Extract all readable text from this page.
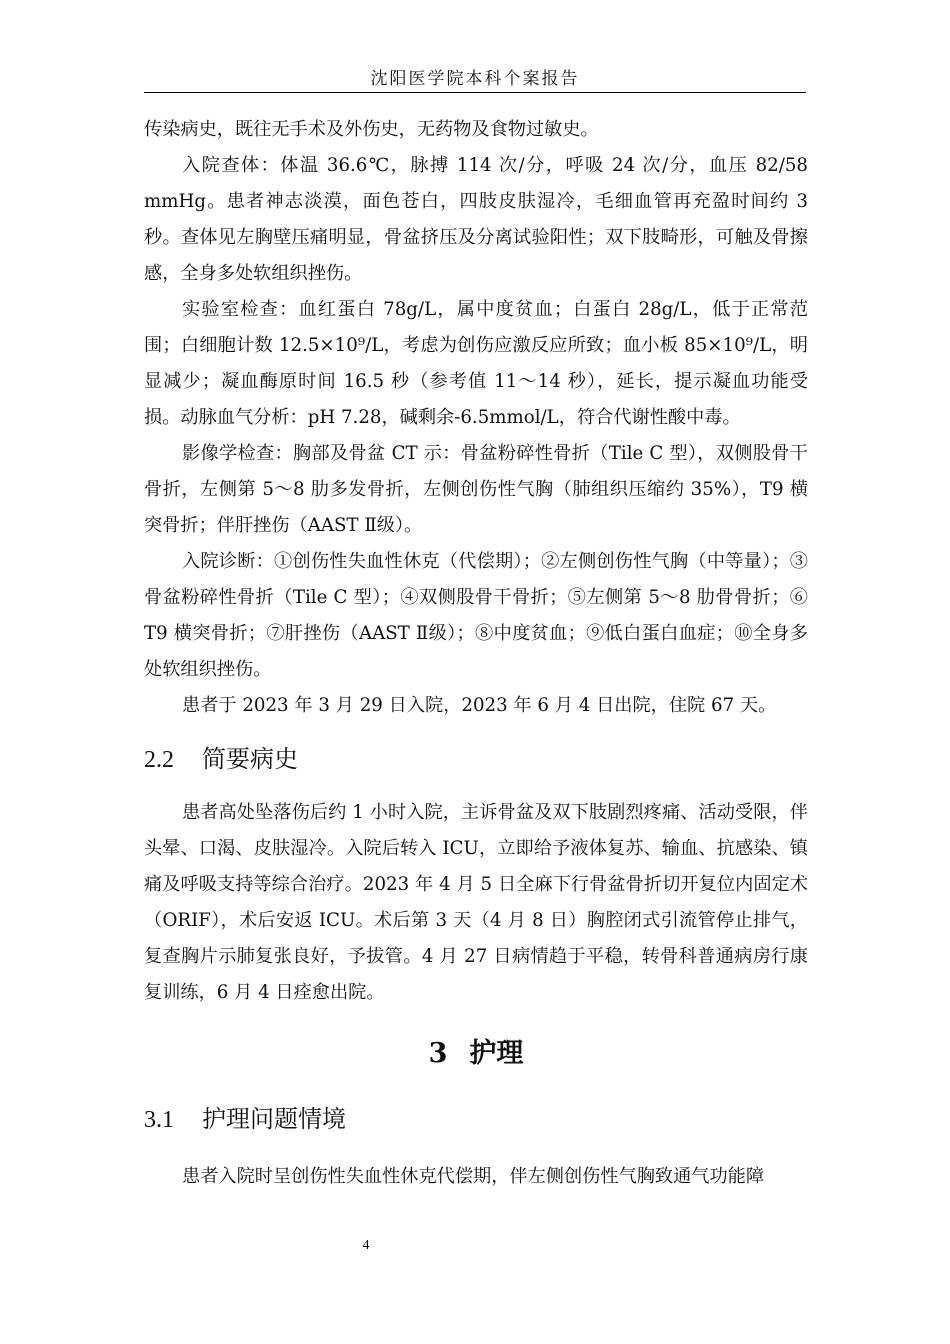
沈阳医学院本科个案报告

传染病史，既往无手术及外伤史，无药物及食物过敏史。

入院查体：体温 36.6℃，脉搏 114 次/分，呼吸 24 次/分，血压 82/58 mmHg。患者神志淡漠，面色苍白，四肢皮肤湿冷，毛细血管再充盈时间约 3 秒。查体见左胸壁压痛明显，骨盆挤压及分离试验阳性；双下肢畸形，可触及骨擦感，全身多处软组织挫伤。

实验室检查：血红蛋白 78g/L，属中度贫血；白蛋白 28g/L，低于正常范围；白细胞计数 12.5×10⁹/L，考虑为创伤应激反应所致；血小板 85×10⁹/L，明显减少；凝血酶原时间 16.5 秒（参考值 11～14 秒），延长，提示凝血功能受损。动脉血气分析：pH 7.28，碱剩余-6.5mmol/L，符合代谢性酸中毒。

影像学检查：胸部及骨盆 CT 示：骨盆粉碎性骨折（Tile C 型），双侧股骨干骨折，左侧第 5～8 肋多发骨折，左侧创伤性气胸（肺组织压缩约 35%），T9 横突骨折；伴肝挫伤（AAST Ⅱ级）。

入院诊断：①创伤性失血性休克（代偿期）；②左侧创伤性气胸（中等量）；③骨盆粉碎性骨折（Tile C 型）；④双侧股骨干骨折；⑤左侧第 5～8 肋骨骨折；⑥ T9 横突骨折；⑦肝挫伤（AAST Ⅱ级）；⑧中度贫血；⑨低白蛋白血症；⑩全身多处软组织挫伤。

患者于 2023 年 3 月 29 日入院，2023 年 6 月 4 日出院，住院 67 天。

2.2 简要病史

患者高处坠落伤后约 1 小时入院，主诉骨盆及双下肢剧烈疼痛、活动受限，伴头晕、口渴、皮肤湿冷。入院后转入 ICU，立即给予液体复苏、输血、抗感染、镇痛及呼吸支持等综合治疗。2023 年 4 月 5 日全麻下行骨盆骨折切开复位内固定术（ORIF），术后安返 ICU。术后第 3 天（4 月 8 日）胸腔闭式引流管停止排气，复查胸片示肺复张良好，予拔管。4 月 27 日病情趋于平稳，转骨科普通病房行康复训练，6 月 4 日痊愈出院。

3 护理
3.1 护理问题情境

患者入院时呈创伤性失血性休克代偿期，伴左侧创伤性气胸致通气功能障

4
